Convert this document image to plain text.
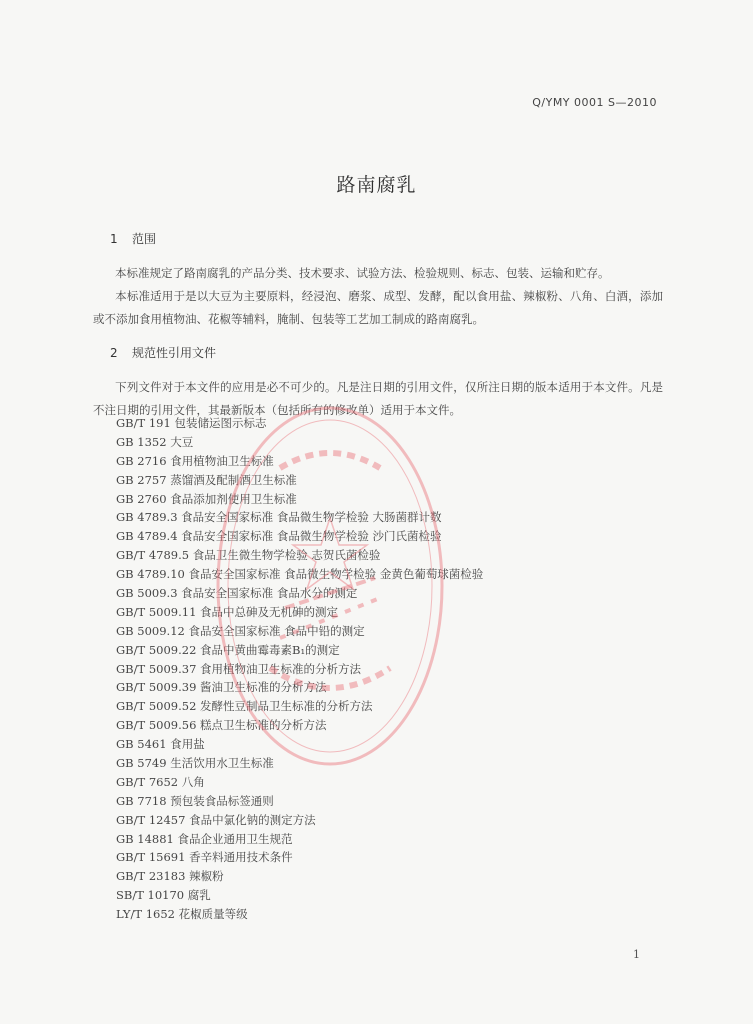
Q/YMY 0001 S—2010
路南腐乳
1 范围
本标准规定了路南腐乳的产品分类、技术要求、试验方法、检验规则、标志、包装、运输和贮存。
本标准适用于是以大豆为主要原料，经浸泡、磨浆、成型、发酵，配以食用盐、辣椒粉、八角、白酒，添加或不添加食用植物油、花椒等辅料，腌制、包装等工艺加工制成的路南腐乳。
2 规范性引用文件
下列文件对于本文件的应用是必不可少的。凡是注日期的引用文件，仅所注日期的版本适用于本文件。凡是不注日期的引用文件，其最新版本（包括所有的修改单）适用于本文件。
GB/T 191 包装储运图示标志
GB 1352 大豆
GB 2716 食用植物油卫生标准
GB 2757 蒸馏酒及配制酒卫生标准
GB 2760 食品添加剂使用卫生标准
GB 4789.3 食品安全国家标准 食品微生物学检验 大肠菌群计数
GB 4789.4 食品安全国家标准 食品微生物学检验 沙门氏菌检验
GB/T 4789.5 食品卫生微生物学检验 志贺氏菌检验
GB 4789.10 食品安全国家标准 食品微生物学检验 金黄色葡萄球菌检验
GB 5009.3 食品安全国家标准 食品水分的测定
GB/T 5009.11 食品中总砷及无机砷的测定
GB 5009.12 食品安全国家标准 食品中铅的测定
GB/T 5009.22 食品中黄曲霉毒素B₁的测定
GB/T 5009.37 食用植物油卫生标准的分析方法
GB/T 5009.39 酱油卫生标准的分析方法
GB/T 5009.52 发酵性豆制品卫生标准的分析方法
GB/T 5009.56 糕点卫生标准的分析方法
GB 5461 食用盐
GB 5749 生活饮用水卫生标准
GB/T 7652 八角
GB 7718 预包装食品标签通则
GB/T 12457 食品中氯化钠的测定方法
GB 14881 食品企业通用卫生规范
GB/T 15691 香辛料通用技术条件
GB/T 23183 辣椒粉
SB/T 10170 腐乳
LY/T 1652 花椒质量等级
1
